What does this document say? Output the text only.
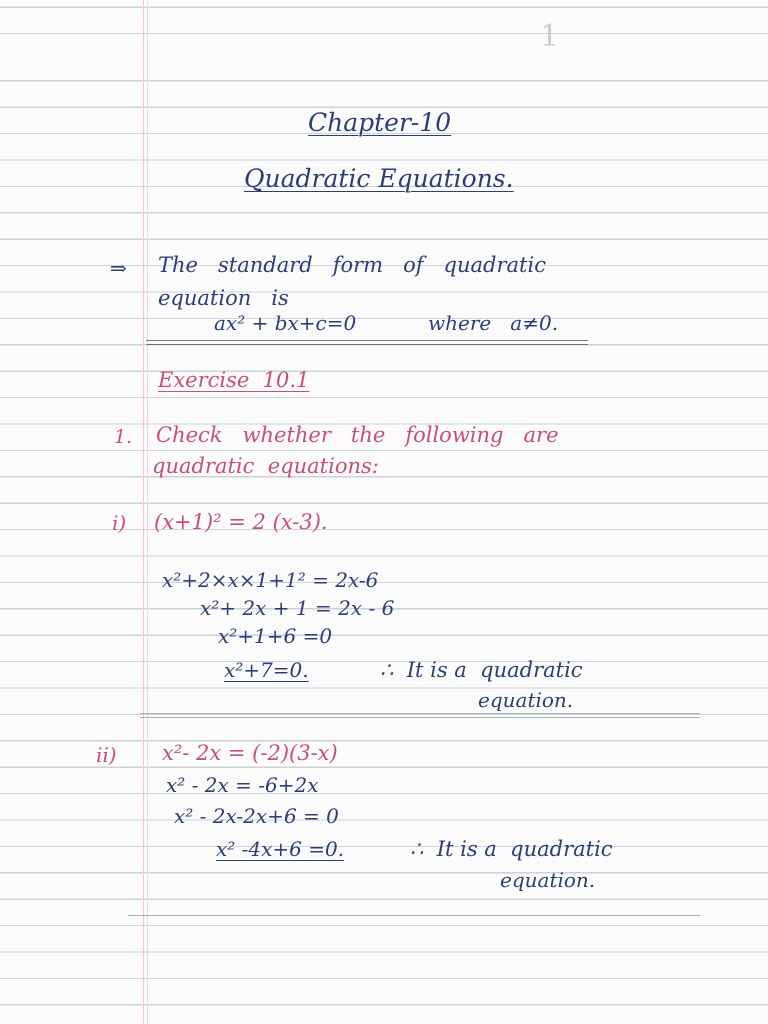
1
Chapter-10
Quadratic Equations.
⇒ The   standard   form   of   quadratic
equation   is
ax² + bx+c=0	where   a≠0.
Exercise  10.1
1. Check   whether   the   following   are
quadratic  equations:
i) (x+1)² = 2 (x-3).
x²+2×x×1+1² = 2x-6
x²+ 2x + 1 = 2x - 6
x²+1+6 =0
x²+7=0.	∴  It is a  quadratic
equation.
ii) x²- 2x = (-2)(3-x)
x² - 2x = -6+2x
x² - 2x-2x+6 = 0
x² -4x+6 =0.	∴  It is a  quadratic
equation.
